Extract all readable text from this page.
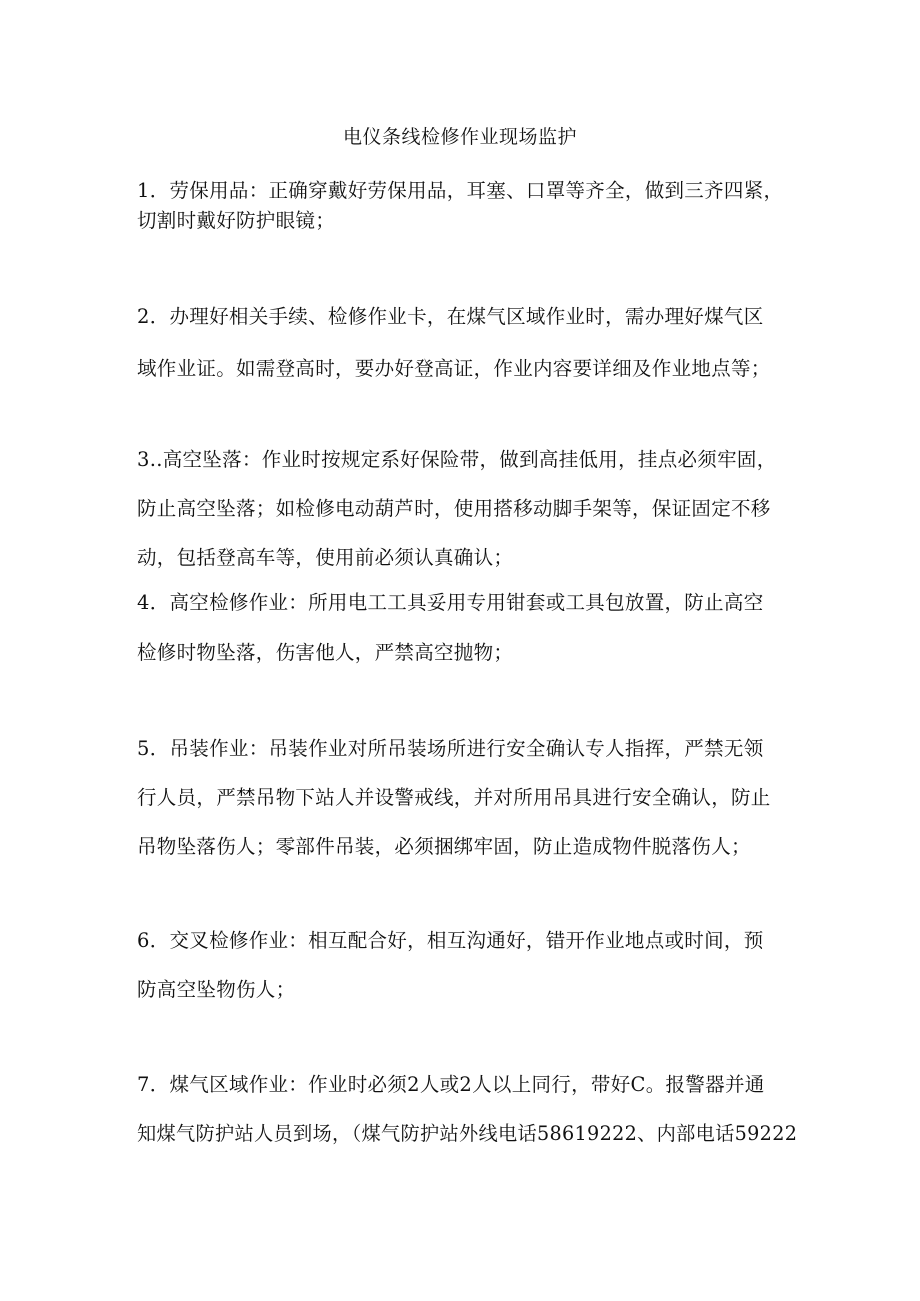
电仪条线检修作业现场监护
1．劳保用品：正确穿戴好劳保用品，耳塞、口罩等齐全，做到三齐四紧，
切割时戴好防护眼镜；
2．办理好相关手续、检修作业卡，在煤气区域作业时，需办理好煤气区
域作业证。如需登高时，要办好登高证，作业内容要详细及作业地点等；
3..高空坠落：作业时按规定系好保险带，做到高挂低用，挂点必须牢固，
防止高空坠落；如检修电动葫芦时，使用搭移动脚手架等，保证固定不移
动，包括登高车等，使用前必须认真确认；
4．高空检修作业：所用电工工具妥用专用钳套或工具包放置，防止高空
检修时物坠落，伤害他人，严禁高空抛物；
5．吊装作业：吊装作业对所吊装场所进行安全确认专人指挥，严禁无领
行人员，严禁吊物下站人并设警戒线，并对所用吊具进行安全确认，防止
吊物坠落伤人；零部件吊装，必须捆绑牢固，防止造成物件脱落伤人；
6．交叉检修作业：相互配合好，相互沟通好，错开作业地点或时间，预
防高空坠物伤人；
7．煤气区域作业：作业时必须2人或2人以上同行，带好C。报警器并通
知煤气防护站人员到场，（煤气防护站外线电话58619222、内部电话59222
